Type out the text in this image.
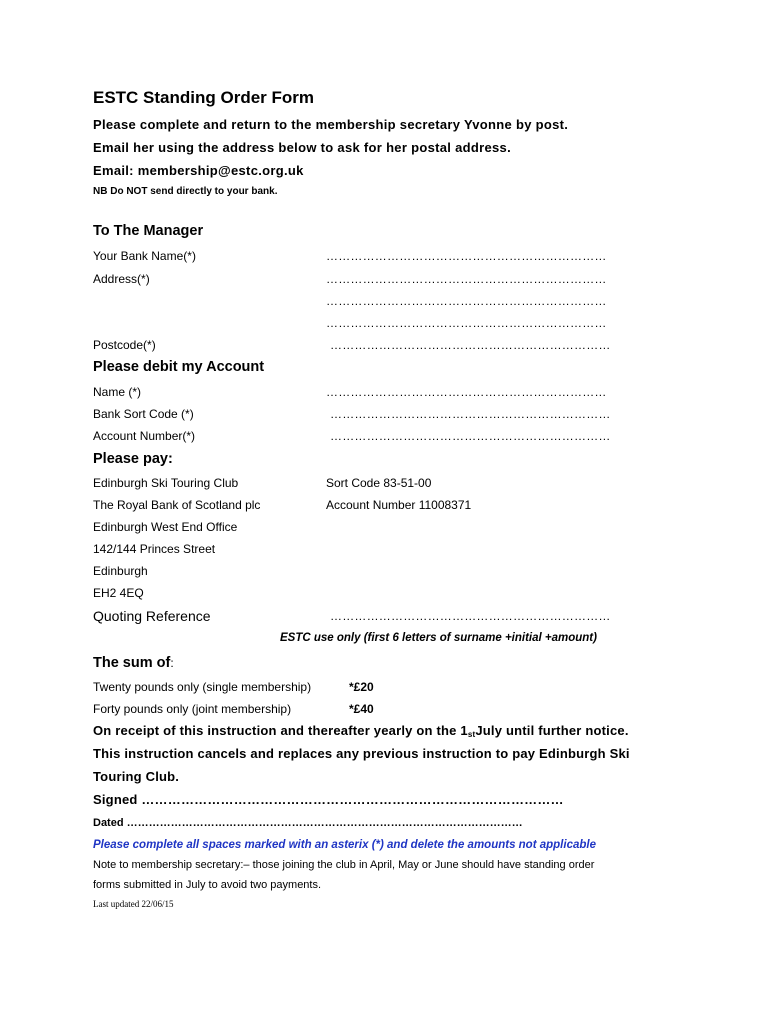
ESTC Standing Order Form
Please complete and return to the membership secretary Yvonne by post.
Email her using the address below to ask for her postal address.
Email: membership@estc.org.uk
NB Do NOT send directly to your bank.
To The Manager
Your Bank Name(*)	……………………………………………………………
Address(*)	……………………………………………………………
……………………………………………………………
……………………………………………………………
Postcode(*)	……………………………………………………………
Please debit my Account
Name (*)	……………………………………………………………
Bank Sort Code (*)	……………………………………………………………
Account Number(*)	……………………………………………………………
Please pay:
Edinburgh Ski Touring Club	Sort Code 83-51-00
The Royal Bank of Scotland plc	Account Number 11008371
Edinburgh West End Office
142/144 Princes Street
Edinburgh
EH2 4EQ
Quoting Reference	……………………………………………………………
ESTC use only (first 6 letters of surname +initial +amount)
The sum of:
Twenty pounds only (single membership)	*£20
Forty pounds only (joint membership)	*£40
On receipt of this instruction and thereafter yearly on the $1_{st}July$ until further notice.
This instruction cancels and replaces any previous instruction to pay Edinburgh Ski
Touring Club.
Signed ……………………………………………………………………………………
Dated ………………………………………………………………………………………………
Please complete all spaces marked with an asterix (*) and delete the amounts not applicable
Note to membership secretary:– those joining the club in April, May or June should have standing order
forms submitted in July to avoid two payments.
Last updated 22/06/15
